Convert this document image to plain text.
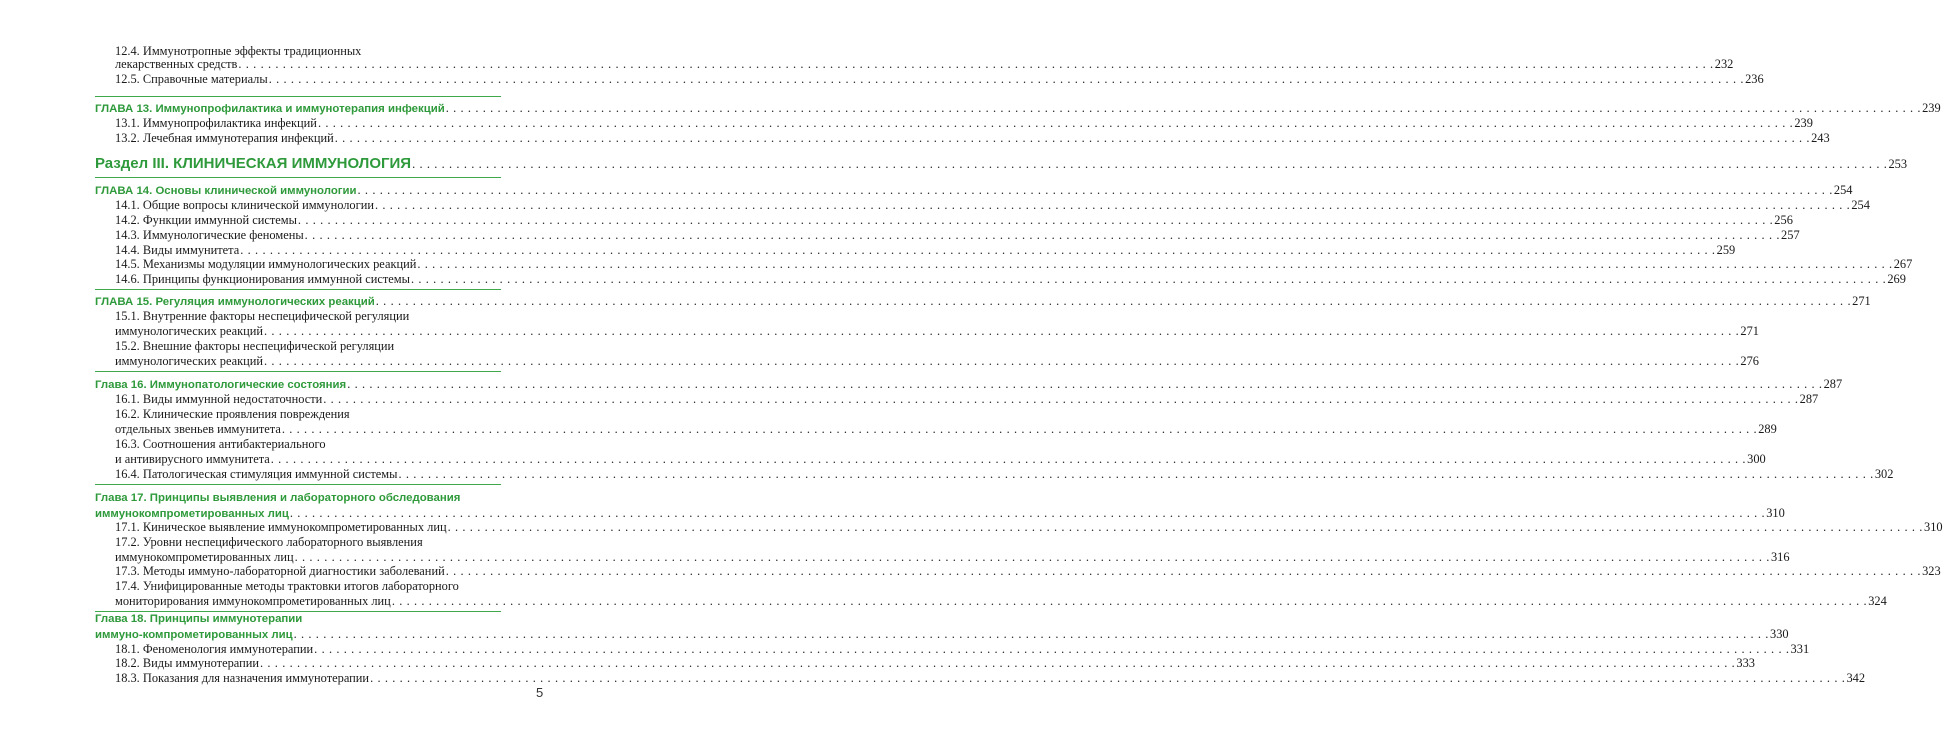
12.4. Иммунотропные эффекты традиционных
лекарственных средств . . . . . . . . . . . . . . . . . . . . . . . . . . . . . . . . . . . . . . . . . . . . . . . . . . . . . . . . . . . . . . . . . . . . . . . . . . . . . . . . . . . . . . . . . . . . . . . . . . . . . . . . . . . . . . . . . . . . . . . . . . . . . . . . . . . . . . . . . . . . . . . . . . . . . . . . . . . . . . . . . . . . . . . . . . . . . . . . . . . . . . . . . . . . . . . . . . . . . . . . 232
12.5. Справочные материалы . . . . . . . . . . . . . . . . . . . . . . . . . . . . . . . . . . . . . . . . . . . . . . . . . . . . . . . . . . . . . . . . . . . . . . . . . . . . . . . . . . . . . . . . . . . . . . . . . . . . . . . . . . . . . . . . . . . . . . . . . . . . . . . . . . . . . . . . . . . . . . . . . . . . . . . . . . . . . . . . . . . . . . . . . . . . . . . . . . . . . . . . . . . . . . . . . . . . . . . . 236
ГЛАВА 13. Иммунопрофилактика и иммунотерапия инфекций . . . . . . . . . . . . . . . . . . . . . . . . . . . . . . . . . . . . . . . . . . . . . . . . . . . . . . . . . . . . . . . . . . . . . . . . . . . . . . . . . . . . . . . . . . . . . . . . . . . . . . . . . . . . . . . . . . . . . . . . . . . . . . . . . . . . . . . . . . . . . . . . . . . . . . . . . . . . . . . . . . . . . . . . . . . . . . . . . . . . . . . . . . . . . . . . . . . . . . . . 239
13.1. Иммунопрофилактика инфекций . . . . . . . . . . . . . . . . . . . . . . . . . . . . . . . . . . . . . . . . . . . . . . . . . . . . . . . . . . . . . . . . . . . . . . . . . . . . . . . . . . . . . . . . . . . . . . . . . . . . . . . . . . . . . . . . . . . . . . . . . . . . . . . . . . . . . . . . . . . . . . . . . . . . . . . . . . . . . . . . . . . . . . . . . . . . . . . . . . . . . . . . . . . . . . . . . . . . . . . . 239
13.2. Лечебная иммунотерапия инфекций . . . . . . . . . . . . . . . . . . . . . . . . . . . . . . . . . . . . . . . . . . . . . . . . . . . . . . . . . . . . . . . . . . . . . . . . . . . . . . . . . . . . . . . . . . . . . . . . . . . . . . . . . . . . . . . . . . . . . . . . . . . . . . . . . . . . . . . . . . . . . . . . . . . . . . . . . . . . . . . . . . . . . . . . . . . . . . . . . . . . . . . . . . . . . . . . . . . . . . . . 243
Раздел III. КЛИНИЧЕСКАЯ ИММУНОЛОГИЯ . . . . . . . . . . . . . . . . . . . . . . . . . . . . . . . . . . . . . . . . . . . . . . . . . . . . . . . . . . . . . . . . . . . . . . . . . . . . . . . . . . . . . . . . . . . . . . . . . . . . . . . . . . . . . . . . . . . . . . . . . . . . . . . . . . . . . . . . . . . . . . . . . . . . . . . . . . . . . . . . . . . . . . . . . . . . . . . . . . . . . . . . . . . . . . . . . . . . . . . . 253
ГЛАВА 14. Основы клинической иммунологии . . . . . . . . . . . . . . . . . . . . . . . . . . . . . . . . . . . . . . . . . . . . . . . . . . . . . . . . . . . . . . . . . . . . . . . . . . . . . . . . . . . . . . . . . . . . . . . . . . . . . . . . . . . . . . . . . . . . . . . . . . . . . . . . . . . . . . . . . . . . . . . . . . . . . . . . . . . . . . . . . . . . . . . . . . . . . . . . . . . . . . . . . . . . . . . . . . . . . . . . 254
14.1. Общие вопросы клинической иммунологии . . . . . . . . . . . . . . . . . . . . . . . . . . . . . . . . . . . . . . . . . . . . . . . . . . . . . . . . . . . . . . . . . . . . . . . . . . . . . . . . . . . . . . . . . . . . . . . . . . . . . . . . . . . . . . . . . . . . . . . . . . . . . . . . . . . . . . . . . . . . . . . . . . . . . . . . . . . . . . . . . . . . . . . . . . . . . . . . . . . . . . . . . . . . . . . . . . . . . . . . 254
14.2. Функции иммунной системы . . . . . . . . . . . . . . . . . . . . . . . . . . . . . . . . . . . . . . . . . . . . . . . . . . . . . . . . . . . . . . . . . . . . . . . . . . . . . . . . . . . . . . . . . . . . . . . . . . . . . . . . . . . . . . . . . . . . . . . . . . . . . . . . . . . . . . . . . . . . . . . . . . . . . . . . . . . . . . . . . . . . . . . . . . . . . . . . . . . . . . . . . . . . . . . . . . . . . . . . 256
14.3. Иммунологические феномены . . . . . . . . . . . . . . . . . . . . . . . . . . . . . . . . . . . . . . . . . . . . . . . . . . . . . . . . . . . . . . . . . . . . . . . . . . . . . . . . . . . . . . . . . . . . . . . . . . . . . . . . . . . . . . . . . . . . . . . . . . . . . . . . . . . . . . . . . . . . . . . . . . . . . . . . . . . . . . . . . . . . . . . . . . . . . . . . . . . . . . . . . . . . . . . . . . . . . . . . 257
14.4. Виды иммунитета . . . . . . . . . . . . . . . . . . . . . . . . . . . . . . . . . . . . . . . . . . . . . . . . . . . . . . . . . . . . . . . . . . . . . . . . . . . . . . . . . . . . . . . . . . . . . . . . . . . . . . . . . . . . . . . . . . . . . . . . . . . . . . . . . . . . . . . . . . . . . . . . . . . . . . . . . . . . . . . . . . . . . . . . . . . . . . . . . . . . . . . . . . . . . . . . . . . . . . . . 259
14.5. Механизмы модуляции иммунологических реакций . . . . . . . . . . . . . . . . . . . . . . . . . . . . . . . . . . . . . . . . . . . . . . . . . . . . . . . . . . . . . . . . . . . . . . . . . . . . . . . . . . . . . . . . . . . . . . . . . . . . . . . . . . . . . . . . . . . . . . . . . . . . . . . . . . . . . . . . . . . . . . . . . . . . . . . . . . . . . . . . . . . . . . . . . . . . . . . . . . . . . . . . . . . . . . . . . . . . . . . . 267
14.6. Принципы функционирования иммунной системы . . . . . . . . . . . . . . . . . . . . . . . . . . . . . . . . . . . . . . . . . . . . . . . . . . . . . . . . . . . . . . . . . . . . . . . . . . . . . . . . . . . . . . . . . . . . . . . . . . . . . . . . . . . . . . . . . . . . . . . . . . . . . . . . . . . . . . . . . . . . . . . . . . . . . . . . . . . . . . . . . . . . . . . . . . . . . . . . . . . . . . . . . . . . . . . . . . . . . . . . 269
ГЛАВА 15. Регуляция иммунологических реакций . . . . . . . . . . . . . . . . . . . . . . . . . . . . . . . . . . . . . . . . . . . . . . . . . . . . . . . . . . . . . . . . . . . . . . . . . . . . . . . . . . . . . . . . . . . . . . . . . . . . . . . . . . . . . . . . . . . . . . . . . . . . . . . . . . . . . . . . . . . . . . . . . . . . . . . . . . . . . . . . . . . . . . . . . . . . . . . . . . . . . . . . . . . . . . . . . . . . . . . . 271
15.1. Внутренние факторы неспецифической регуляции
иммунологических реакций . . . . . . . . . . . . . . . . . . . . . . . . . . . . . . . . . . . . . . . . . . . . . . . . . . . . . . . . . . . . . . . . . . . . . . . . . . . . . . . . . . . . . . . . . . . . . . . . . . . . . . . . . . . . . . . . . . . . . . . . . . . . . . . . . . . . . . . . . . . . . . . . . . . . . . . . . . . . . . . . . . . . . . . . . . . . . . . . . . . . . . . . . . . . . . . . . . . . . . . . 271
15.2. Внешние факторы неспецифической регуляции
иммунологических реакций . . . . . . . . . . . . . . . . . . . . . . . . . . . . . . . . . . . . . . . . . . . . . . . . . . . . . . . . . . . . . . . . . . . . . . . . . . . . . . . . . . . . . . . . . . . . . . . . . . . . . . . . . . . . . . . . . . . . . . . . . . . . . . . . . . . . . . . . . . . . . . . . . . . . . . . . . . . . . . . . . . . . . . . . . . . . . . . . . . . . . . . . . . . . . . . . . . . . . . . . 276
Глава 16. Иммунопатологические состояния . . . . . . . . . . . . . . . . . . . . . . . . . . . . . . . . . . . . . . . . . . . . . . . . . . . . . . . . . . . . . . . . . . . . . . . . . . . . . . . . . . . . . . . . . . . . . . . . . . . . . . . . . . . . . . . . . . . . . . . . . . . . . . . . . . . . . . . . . . . . . . . . . . . . . . . . . . . . . . . . . . . . . . . . . . . . . . . . . . . . . . . . . . . . . . . . . . . . . . . . 287
16.1. Виды иммунной недостаточности . . . . . . . . . . . . . . . . . . . . . . . . . . . . . . . . . . . . . . . . . . . . . . . . . . . . . . . . . . . . . . . . . . . . . . . . . . . . . . . . . . . . . . . . . . . . . . . . . . . . . . . . . . . . . . . . . . . . . . . . . . . . . . . . . . . . . . . . . . . . . . . . . . . . . . . . . . . . . . . . . . . . . . . . . . . . . . . . . . . . . . . . . . . . . . . . . . . . . . . . 287
16.2. Клинические проявления повреждения
отдельных звеньев иммунитета . . . . . . . . . . . . . . . . . . . . . . . . . . . . . . . . . . . . . . . . . . . . . . . . . . . . . . . . . . . . . . . . . . . . . . . . . . . . . . . . . . . . . . . . . . . . . . . . . . . . . . . . . . . . . . . . . . . . . . . . . . . . . . . . . . . . . . . . . . . . . . . . . . . . . . . . . . . . . . . . . . . . . . . . . . . . . . . . . . . . . . . . . . . . . . . . . . . . . . . . 289
16.3. Соотношения антибактериального
и антивирусного иммунитета . . . . . . . . . . . . . . . . . . . . . . . . . . . . . . . . . . . . . . . . . . . . . . . . . . . . . . . . . . . . . . . . . . . . . . . . . . . . . . . . . . . . . . . . . . . . . . . . . . . . . . . . . . . . . . . . . . . . . . . . . . . . . . . . . . . . . . . . . . . . . . . . . . . . . . . . . . . . . . . . . . . . . . . . . . . . . . . . . . . . . . . . . . . . . . . . . . . . . . . . 300
16.4. Патологическая стимуляция иммунной системы . . . . . . . . . . . . . . . . . . . . . . . . . . . . . . . . . . . . . . . . . . . . . . . . . . . . . . . . . . . . . . . . . . . . . . . . . . . . . . . . . . . . . . . . . . . . . . . . . . . . . . . . . . . . . . . . . . . . . . . . . . . . . . . . . . . . . . . . . . . . . . . . . . . . . . . . . . . . . . . . . . . . . . . . . . . . . . . . . . . . . . . . . . . . . . . . . . . . . . . . 302
Глава 17. Принципы выявления и лабораторного обследования
иммунокомпрометированных лиц . . . . . . . . . . . . . . . . . . . . . . . . . . . . . . . . . . . . . . . . . . . . . . . . . . . . . . . . . . . . . . . . . . . . . . . . . . . . . . . . . . . . . . . . . . . . . . . . . . . . . . . . . . . . . . . . . . . . . . . . . . . . . . . . . . . . . . . . . . . . . . . . . . . . . . . . . . . . . . . . . . . . . . . . . . . . . . . . . . . . . . . . . . . . . . . . . . . . . . . . 310
17.1. Киническое выявление иммунокомпрометированных лиц . . . . . . . . . . . . . . . . . . . . . . . . . . . . . . . . . . . . . . . . . . . . . . . . . . . . . . . . . . . . . . . . . . . . . . . . . . . . . . . . . . . . . . . . . . . . . . . . . . . . . . . . . . . . . . . . . . . . . . . . . . . . . . . . . . . . . . . . . . . . . . . . . . . . . . . . . . . . . . . . . . . . . . . . . . . . . . . . . . . . . . . . . . . . . . . . . . . . . . . . 310
17.2. Уровни неспецифического лабораторного выявления
иммунокомпрометированных лиц . . . . . . . . . . . . . . . . . . . . . . . . . . . . . . . . . . . . . . . . . . . . . . . . . . . . . . . . . . . . . . . . . . . . . . . . . . . . . . . . . . . . . . . . . . . . . . . . . . . . . . . . . . . . . . . . . . . . . . . . . . . . . . . . . . . . . . . . . . . . . . . . . . . . . . . . . . . . . . . . . . . . . . . . . . . . . . . . . . . . . . . . . . . . . . . . . . . . . . . . 316
17.3. Методы иммуно-лабораторной диагностики заболеваний . . . . . . . . . . . . . . . . . . . . . . . . . . . . . . . . . . . . . . . . . . . . . . . . . . . . . . . . . . . . . . . . . . . . . . . . . . . . . . . . . . . . . . . . . . . . . . . . . . . . . . . . . . . . . . . . . . . . . . . . . . . . . . . . . . . . . . . . . . . . . . . . . . . . . . . . . . . . . . . . . . . . . . . . . . . . . . . . . . . . . . . . . . . . . . . . . . . . . . . . 323
17.4. Унифицированные методы трактовки итогов лабораторного
мониторирования иммунокомпрометированных лиц . . . . . . . . . . . . . . . . . . . . . . . . . . . . . . . . . . . . . . . . . . . . . . . . . . . . . . . . . . . . . . . . . . . . . . . . . . . . . . . . . . . . . . . . . . . . . . . . . . . . . . . . . . . . . . . . . . . . . . . . . . . . . . . . . . . . . . . . . . . . . . . . . . . . . . . . . . . . . . . . . . . . . . . . . . . . . . . . . . . . . . . . . . . . . . . . . . . . . . . . 324
Глава 18. Принципы иммунотерапии
иммуно-компрометированных лиц . . . . . . . . . . . . . . . . . . . . . . . . . . . . . . . . . . . . . . . . . . . . . . . . . . . . . . . . . . . . . . . . . . . . . . . . . . . . . . . . . . . . . . . . . . . . . . . . . . . . . . . . . . . . . . . . . . . . . . . . . . . . . . . . . . . . . . . . . . . . . . . . . . . . . . . . . . . . . . . . . . . . . . . . . . . . . . . . . . . . . . . . . . . . . . . . . . . . . . . . 330
18.1. Феноменология иммунотерапии . . . . . . . . . . . . . . . . . . . . . . . . . . . . . . . . . . . . . . . . . . . . . . . . . . . . . . . . . . . . . . . . . . . . . . . . . . . . . . . . . . . . . . . . . . . . . . . . . . . . . . . . . . . . . . . . . . . . . . . . . . . . . . . . . . . . . . . . . . . . . . . . . . . . . . . . . . . . . . . . . . . . . . . . . . . . . . . . . . . . . . . . . . . . . . . . . . . . . . . . 331
18.2. Виды иммунотерапии . . . . . . . . . . . . . . . . . . . . . . . . . . . . . . . . . . . . . . . . . . . . . . . . . . . . . . . . . . . . . . . . . . . . . . . . . . . . . . . . . . . . . . . . . . . . . . . . . . . . . . . . . . . . . . . . . . . . . . . . . . . . . . . . . . . . . . . . . . . . . . . . . . . . . . . . . . . . . . . . . . . . . . . . . . . . . . . . . . . . . . . . . . . . . . . . . . . . . . . . 333
18.3. Показания для назначения иммунотерапии . . . . . . . . . . . . . . . . . . . . . . . . . . . . . . . . . . . . . . . . . . . . . . . . . . . . . . . . . . . . . . . . . . . . . . . . . . . . . . . . . . . . . . . . . . . . . . . . . . . . . . . . . . . . . . . . . . . . . . . . . . . . . . . . . . . . . . . . . . . . . . . . . . . . . . . . . . . . . . . . . . . . . . . . . . . . . . . . . . . . . . . . . . . . . . . . . . . . . . . . 342
5
